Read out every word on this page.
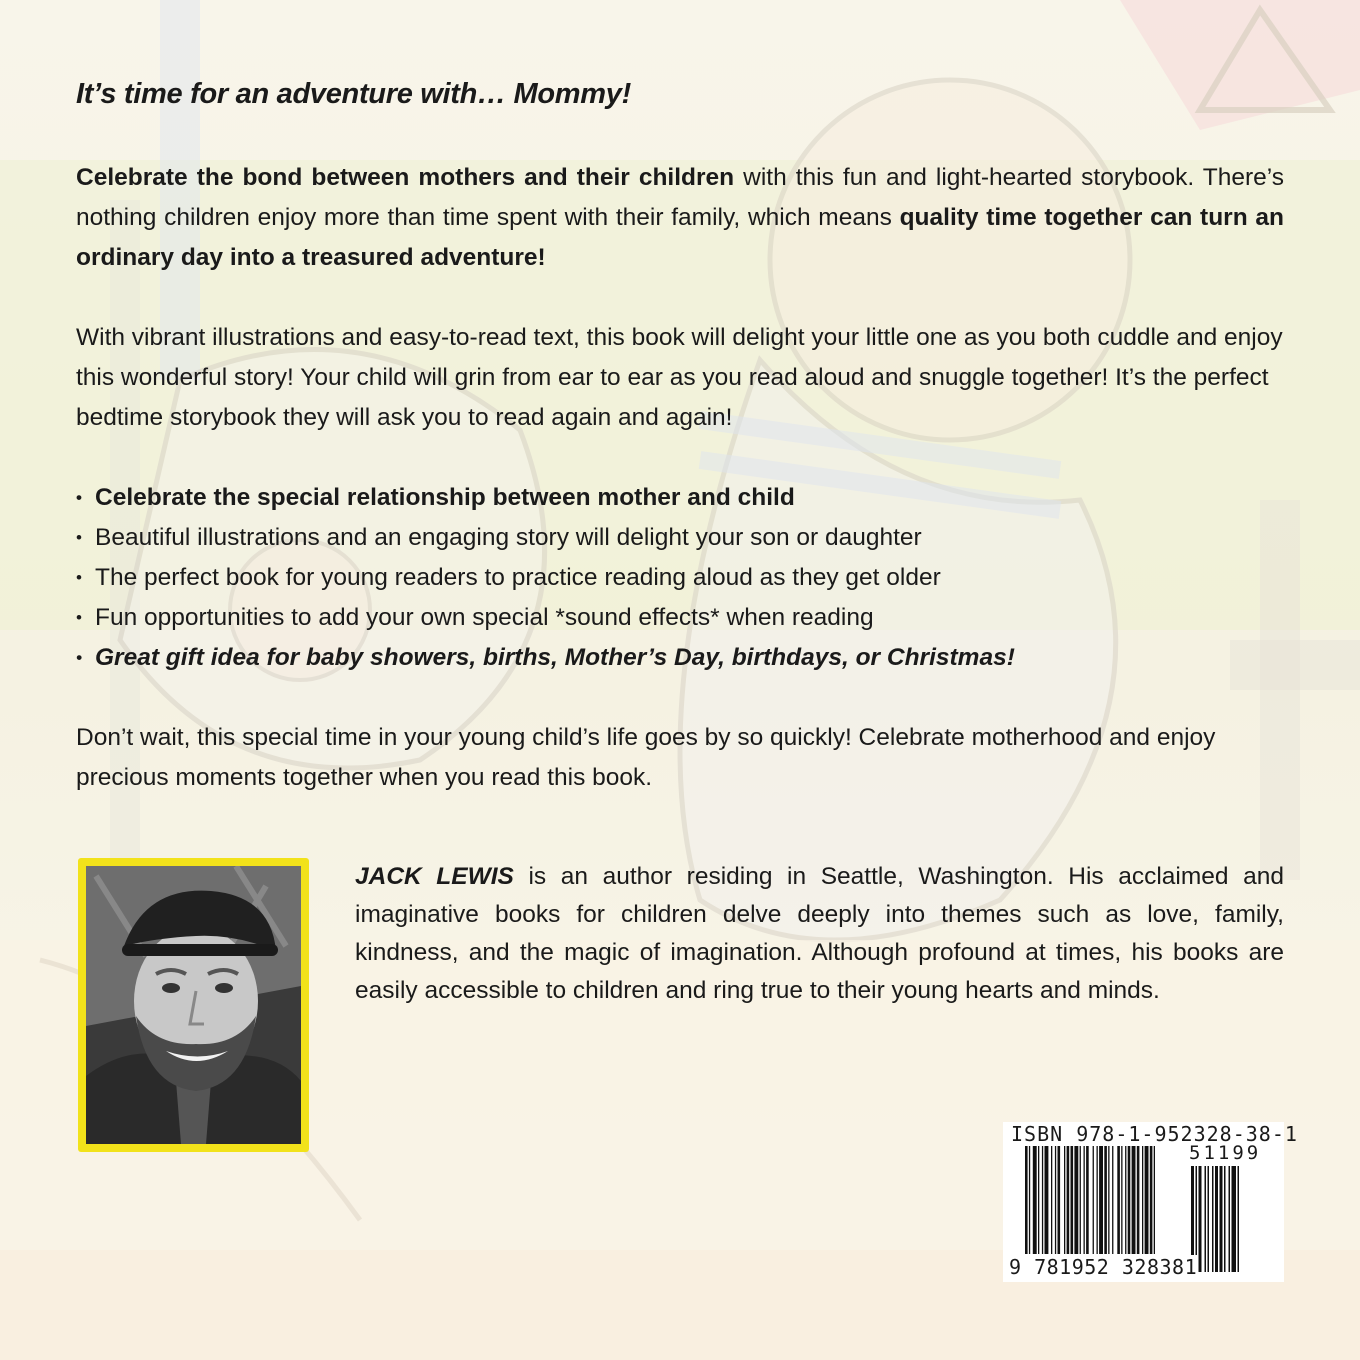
It’s time for an adventure with… Mommy!
Celebrate the bond between mothers and their children with this fun and light-hearted storybook. There’s nothing children enjoy more than time spent with their family, which means quality time together can turn an ordinary day into a treasured adventure!
With vibrant illustrations and easy-to-read text, this book will delight your little one as you both cuddle and enjoy this wonderful story! Your child will grin from ear to ear as you read aloud and snuggle together! It’s the perfect bedtime storybook they will ask you to read again and again!
• Celebrate the special relationship between mother and child
• Beautiful illustrations and an engaging story will delight your son or daughter
• The perfect book for young readers to practice reading aloud as they get older
• Fun opportunities to add your own special *sound effects* when reading
• Great gift idea for baby showers, births, Mother’s Day, birthdays, or Christmas!
Don’t wait, this special time in your young child’s life goes by so quickly! Celebrate motherhood and enjoy precious moments together when you read this book.
JACK LEWIS is an author residing in Seattle, Washington. His acclaimed and imaginative books for children delve deeply into themes such as love, family, kindness, and the magic of imagination. Although profound at times, his books are easily accessible to children and ring true to their young hearts and minds.
ISBN 978-1-952328-38-1
51199
9 781952 328381
